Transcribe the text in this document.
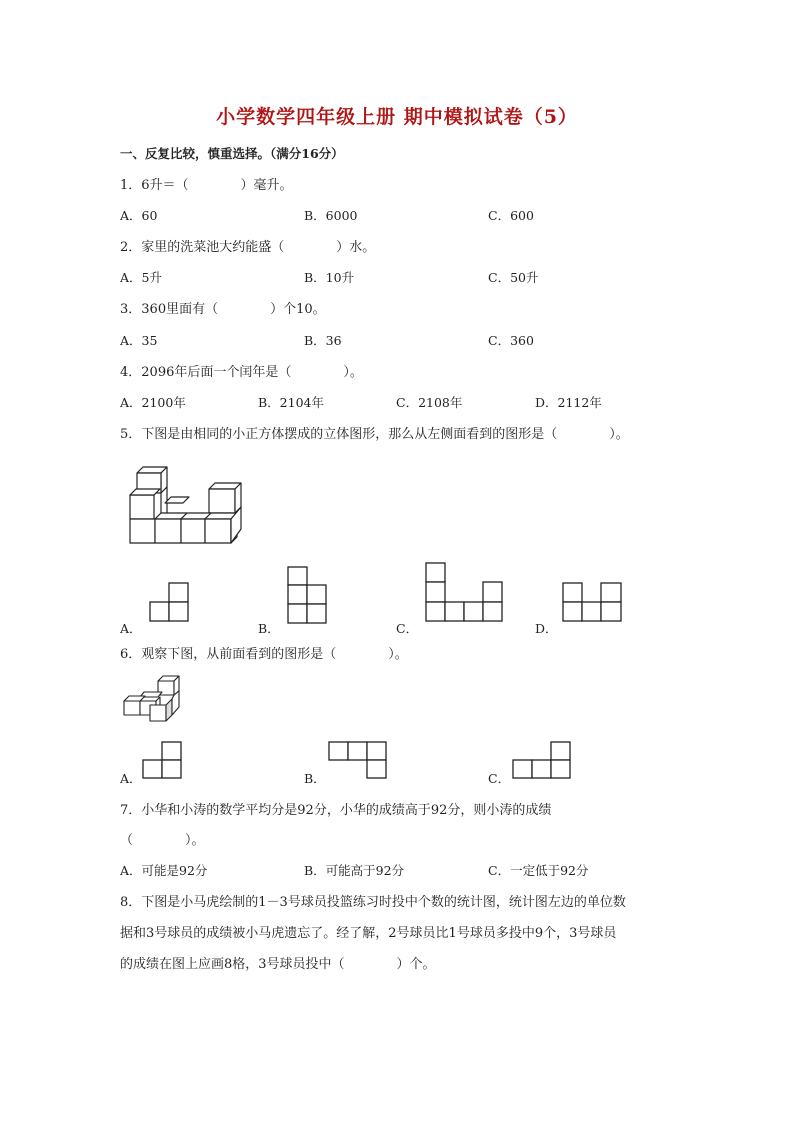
小学数学四年级上册 期中模拟试卷（5）
一、反复比较，慎重选择。（满分16分）
1．6升＝（　　　　）毫升。
A．60	B．6000	C．600
2．家里的洗菜池大约能盛（　　　　）水。
A．5升	B．10升	C．50升
3．360里面有（　　　　）个10。
A．35	B．36	C．360
4．2096年后面一个闰年是（　　　　）。
A．2100年	B．2104年	C．2108年	D．2112年
5．下图是由相同的小正方体摆成的立体图形，那么从左侧面看到的图形是（　　　　）。
A．	B．	C．	D．
6．观察下图，从前面看到的图形是（　　　　）。
A．	B．	C．
7．小华和小涛的数学平均分是92分，小华的成绩高于92分，则小涛的成绩
（　　　　）。
A．可能是92分	B．可能高于92分	C．一定低于92分
8．下图是小马虎绘制的1－3号球员投篮练习时投中个数的统计图，统计图左边的单位数
据和3号球员的成绩被小马虎遗忘了。经了解，2号球员比1号球员多投中9个，3号球员
的成绩在图上应画8格，3号球员投中（　　　　）个。
